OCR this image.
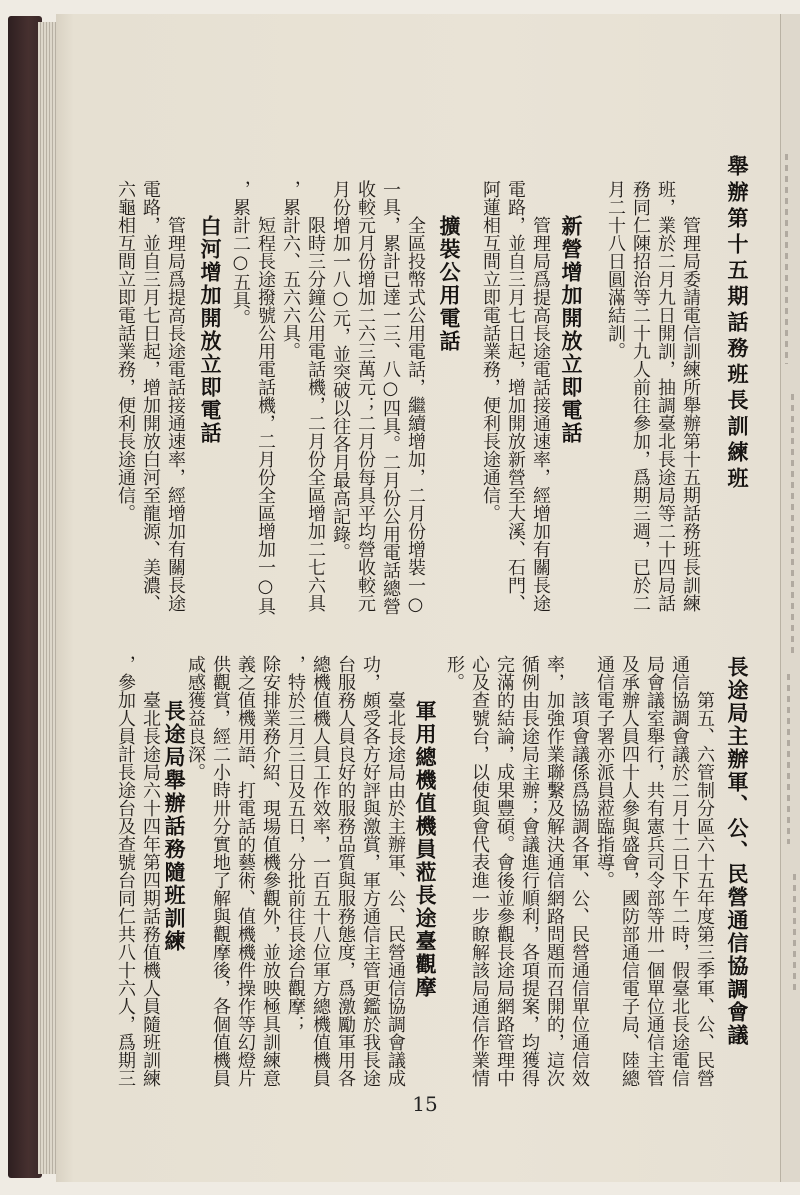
舉辦第十五期話務班長訓練班
管理局委請電信訓練所舉辦第十五期話務班長訓練
班，業於二月九日開訓，抽調臺北長途局等二十四局話
務同仁陳招治等二十九人前往參加，爲期三週，已於二
月二十八日圓滿結訓。
新營增加開放立即電話
管理局爲提高長途電話接通速率，經增加有關長途
電路，並自三月七日起，增加開放新營至大溪、石門、
阿蓮相互間立即電話業務，便利長途通信。
擴裝公用電話
全區投幣式公用電話，繼續增加，二月份增裝一○
一具，累計已達一三、八○四具。二月份公用電話總營
收較元月份增加二六三萬元；二月份每具平均營收較元
月份增加一八○元，並突破以往各月最高記錄。
限時三分鐘公用電話機，二月份全區增加二七六具
，累計六、五六六具。
短程長途撥號公用電話機，二月份全區增加一○具
，累計二○五具。
白河增加開放立即電話
管理局爲提高長途電話接通速率，經增加有關長途
電路，並自三月七日起，增加開放白河至龍源、美濃、
六龜相互間立即電話業務，便利長途通信。
長途局主辦軍、公、民營通信協調會議
第五、六管制分區六十五年度第三季軍、公、民營
通信協調會議於二月十二日下午二時，假臺北長途電信
局會議室舉行，共有憲兵司令部等卅一個單位通信主管
及承辦人員四十人參與盛會，國防部通信電子局、陸總
通信電子署亦派員蒞臨指導。
該項會議係爲協調各軍、公、民營通信單位通信效
率，加強作業聯繫及解決通信網路問題而召開的，這次
循例由長途局主辦；會議進行順利，各項提案，均獲得
完滿的結論，成果豐碩。會後並參觀長途局網路管理中
心及查號台，以使與會代表進一步瞭解該局通信作業情
形。
軍用總機值機員蒞長途臺觀摩
臺北長途局由於主辦軍、公、民營通信協調會議成
功，頗受各方好評與激賞，軍方通信主管更鑑於我長途
台服務人員良好的服務品質與服務態度，爲激勵軍用各
總機值機人員工作效率，一百五十八位軍方總機值機員
，特於三月三日及五日，分批前往長途台觀摩；
除安排業務介紹、現場值機參觀外，並放映極具訓練意
義之值機用語、打電話的藝術、值機機件操作等幻燈片
供觀賞，經二小時卅分實地了解與觀摩後，各個值機員
咸感獲益良深。
長途局舉辦話務隨班訓練
臺北長途局六十四年第四期話務值機人員隨班訓練
，參加人員計長途台及查號台同仁共八十六人，爲期三
15
